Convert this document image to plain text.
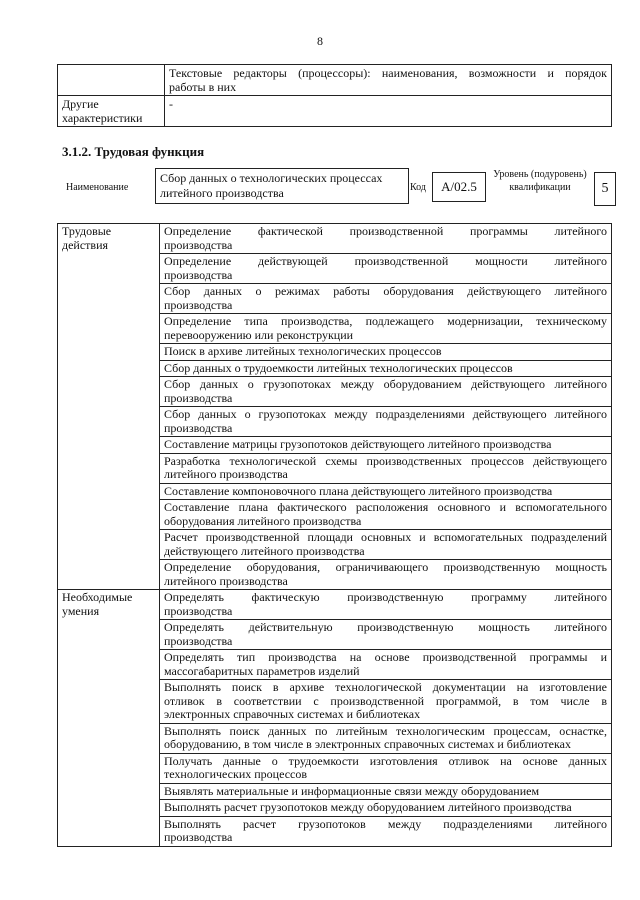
8

	Текстовые редакторы (процессоры): наименования, возможности и порядок
работы в них

Другие характеристики	-
3.1.2. Трудовая функция
Наименование
Сбор данных о технологических процессах литейного производства	Код	A/02.5
Уровень (подуровень) квалификации	5
Трудовые действия	Определение фактической производственной программы литейного
производства

	Определение действующей производственной мощности литейного
производства

	Сбор данных о режимах работы оборудования действующего литейного
производства

	Определение типа производства, подлежащего модернизации, техническому
перевооружению или реконструкции

	Поиск в архиве литейных технологических процессов

	Сбор данных о трудоемкости литейных технологических процессов

	Сбор данных о грузопотоках между оборудованием действующего литейного
производства

	Сбор данных о грузопотоках между подразделениями действующего литейного
производства

	Составление матрицы грузопотоков действующего литейного производства

	Разработка технологической схемы производственных процессов действующего
литейного производства

	Составление компоновочного плана действующего литейного производства

	Составление плана фактического расположения основного и вспомогательного
оборудования литейного производства

	Расчет производственной площади основных и вспомогательных подразделений
действующего литейного производства

	Определение оборудования, ограничивающего производственную мощность
литейного производства

Необходимые умения	Определять фактическую производственную программу литейного
производства

	Определять действительную производственную мощность литейного
производства

	Определять тип производства на основе производственной программы и
массогабаритных параметров изделий

	Выполнять поиск в архиве технологической документации на изготовление
отливок в соответствии с производственной программой, в том числе в
электронных справочных системах и библиотеках

	Выполнять поиск данных по литейным технологическим процессам, оснастке,
оборудованию, в том числе в электронных справочных системах и библиотеках

	Получать данные о трудоемкости изготовления отливок на основе данных
технологических процессов

	Выявлять материальные и информационные связи между оборудованием

	Выполнять расчет грузопотоков между оборудованием литейного производства

	Выполнять расчет грузопотоков между подразделениями литейного
производства
